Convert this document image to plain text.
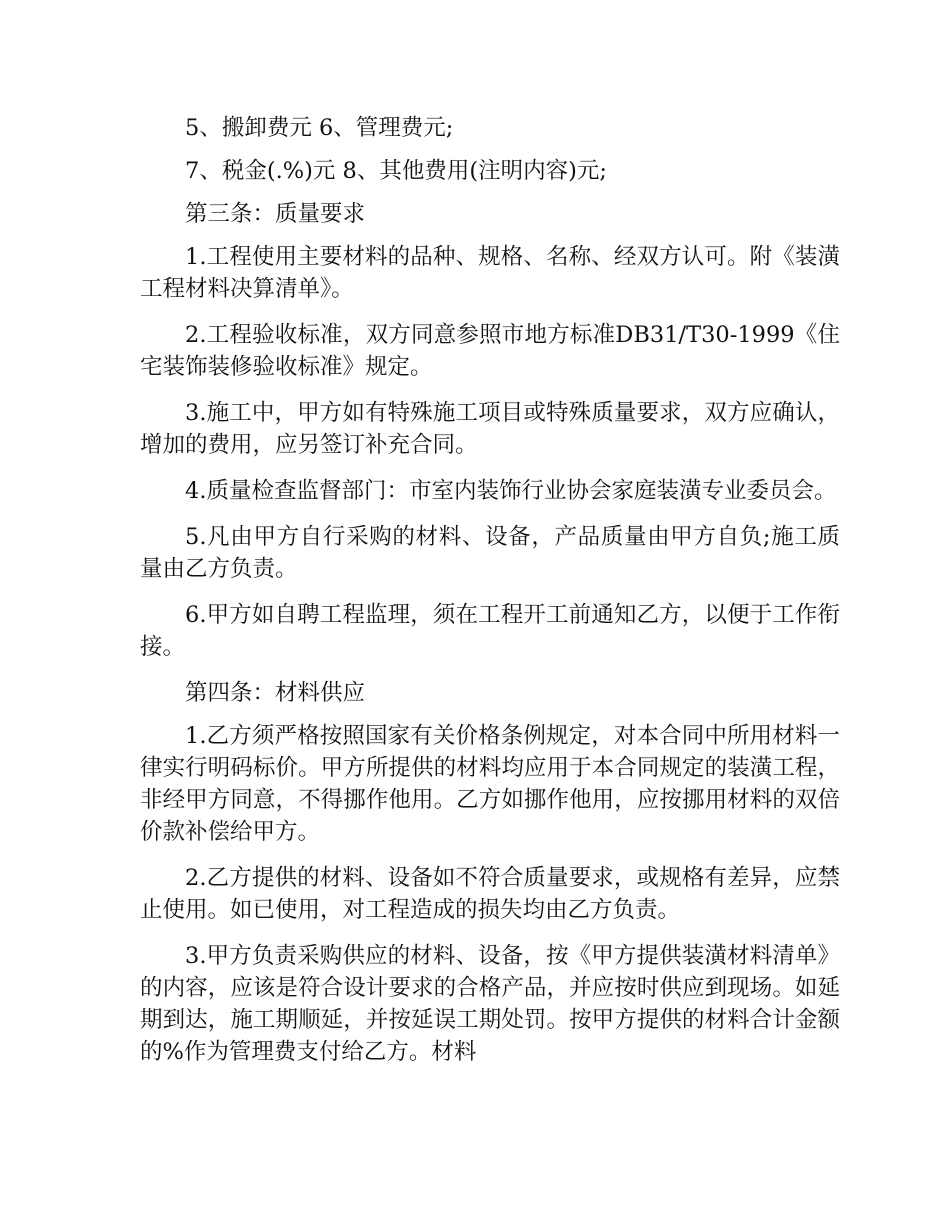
5、搬卸费元 6、管理费元;

7、税金(.%)元 8、其他费用(注明内容)元;

第三条：质量要求

1.工程使用主要材料的品种、规格、名称、经双方认可。附《装潢工程材料决算清单》。

2.工程验收标准，双方同意参照市地方标准DB31/T30-1999《住宅装饰装修验收标准》规定。

3.施工中，甲方如有特殊施工项目或特殊质量要求，双方应确认，增加的费用，应另签订补充合同。

4.质量检查监督部门：市室内装饰行业协会家庭装潢专业委员会。

5.凡由甲方自行采购的材料、设备，产品质量由甲方自负;施工质量由乙方负责。

6.甲方如自聘工程监理，须在工程开工前通知乙方，以便于工作衔接。

第四条：材料供应

1.乙方须严格按照国家有关价格条例规定，对本合同中所用材料一律实行明码标价。甲方所提供的材料均应用于本合同规定的装潢工程，非经甲方同意，不得挪作他用。乙方如挪作他用，应按挪用材料的双倍价款补偿给甲方。

2.乙方提供的材料、设备如不符合质量要求，或规格有差异，应禁止使用。如已使用，对工程造成的损失均由乙方负责。

3.甲方负责采购供应的材料、设备，按《甲方提供装潢材料清单》的内容，应该是符合设计要求的合格产品，并应按时供应到现场。如延期到达，施工期顺延，并按延误工期处罚。按甲方提供的材料合计金额的%作为管理费支付给乙方。材料
